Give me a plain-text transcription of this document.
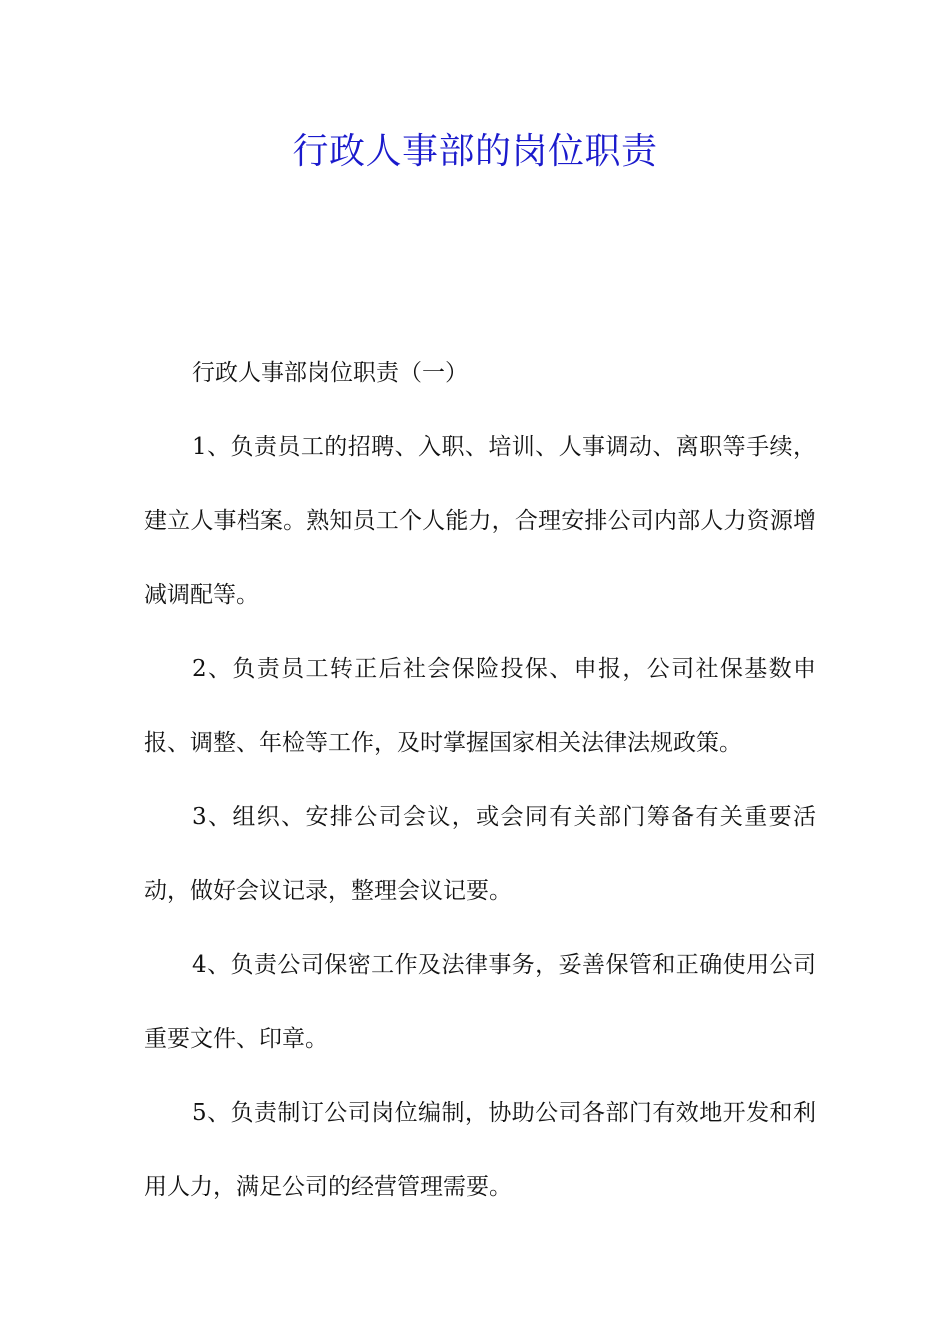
行政人事部的岗位职责

行政人事部岗位职责（一）

1、负责员工的招聘、入职、培训、人事调动、离职等手续，建立人事档案。熟知员工个人能力，合理安排公司内部人力资源增减调配等。

2、负责员工转正后社会保险投保、申报，公司社保基数申报、调整、年检等工作，及时掌握国家相关法律法规政策。

3、组织、安排公司会议，或会同有关部门筹备有关重要活动，做好会议记录，整理会议记要。

4、负责公司保密工作及法律事务，妥善保管和正确使用公司重要文件、印章。

5、负责制订公司岗位编制，协助公司各部门有效地开发和利用人力，满足公司的经营管理需要。
